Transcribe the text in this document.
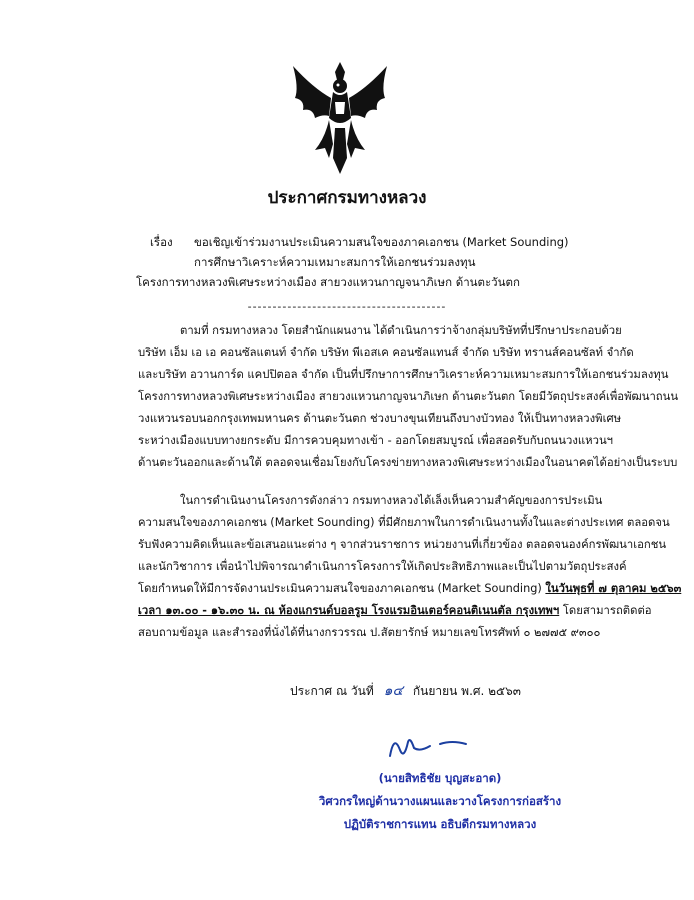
ประกาศกรมทางหลวง
เรื่อง ขอเชิญเข้าร่วมงานประเมินความสนใจของภาคเอกชน (Market Sounding)
การศึกษาวิเคราะห์ความเหมาะสมการให้เอกชนร่วมลงทุน
โครงการทางหลวงพิเศษระหว่างเมือง สายวงแหวนกาญจนาภิเษก ด้านตะวันตก
----------------------------------------
ตามที่ กรมทางหลวง โดยสำนักแผนงาน ได้ดำเนินการว่าจ้างกลุ่มบริษัทที่ปรึกษาประกอบด้วย
บริษัท เอ็ม เอ เอ คอนซัลแตนท์ จำกัด บริษัท พีเอสเค คอนซัลแทนส์ จำกัด บริษัท ทรานส์คอนซัลท์ จำกัด
และบริษัท อวานการ์ด แคปปิตอล จำกัด เป็นที่ปรึกษาการศึกษาวิเคราะห์ความเหมาะสมการให้เอกชนร่วมลงทุน
โครงการทางหลวงพิเศษระหว่างเมือง สายวงแหวนกาญจนาภิเษก ด้านตะวันตก โดยมีวัตถุประสงค์เพื่อพัฒนาถนน
วงแหวนรอบนอกกรุงเทพมหานคร ด้านตะวันตก ช่วงบางขุนเทียนถึงบางบัวทอง ให้เป็นทางหลวงพิเศษ
ระหว่างเมืองแบบทางยกระดับ มีการควบคุมทางเข้า - ออกโดยสมบูรณ์ เพื่อสอดรับกับถนนวงแหวนฯ
ด้านตะวันออกและด้านใต้ ตลอดจนเชื่อมโยงกับโครงข่ายทางหลวงพิเศษระหว่างเมืองในอนาคตได้อย่างเป็นระบบ
ในการดำเนินงานโครงการดังกล่าว กรมทางหลวงได้เล็งเห็นความสำคัญของการประเมิน
ความสนใจของภาคเอกชน (Market Sounding) ที่มีศักยภาพในการดำเนินงานทั้งในและต่างประเทศ ตลอดจน
รับฟังความคิดเห็นและข้อเสนอแนะต่าง ๆ จากส่วนราชการ หน่วยงานที่เกี่ยวข้อง ตลอดจนองค์กรพัฒนาเอกชน
และนักวิชาการ เพื่อนำไปพิจารณาดำเนินการโครงการให้เกิดประสิทธิภาพและเป็นไปตามวัตถุประสงค์
โดยกำหนดให้มีการจัดงานประเมินความสนใจของภาคเอกชน (Market Sounding) ในวันพุธที่ ๗ ตุลาคม ๒๕๖๓
เวลา ๑๓.๐๐ - ๑๖.๓๐ น. ณ ห้องแกรนด์บอลรูม โรงแรมอินเตอร์คอนติเนนตัล กรุงเทพฯ โดยสามารถติดต่อ
สอบถามข้อมูล และสำรองที่นั่งได้ที่นางกรวรรณ ป.สัตยารักษ์ หมายเลขโทรศัพท์ ๐ ๒๗๗๕ ๙๓๐๐
ประกาศ ณ วันที่ ๑๔ กันยายน พ.ศ. ๒๕๖๓
(นายสิทธิชัย บุญสะอาด)
วิศวกรใหญ่ด้านวางแผนและวางโครงการก่อสร้าง
ปฏิบัติราชการแทน อธิบดีกรมทางหลวง
